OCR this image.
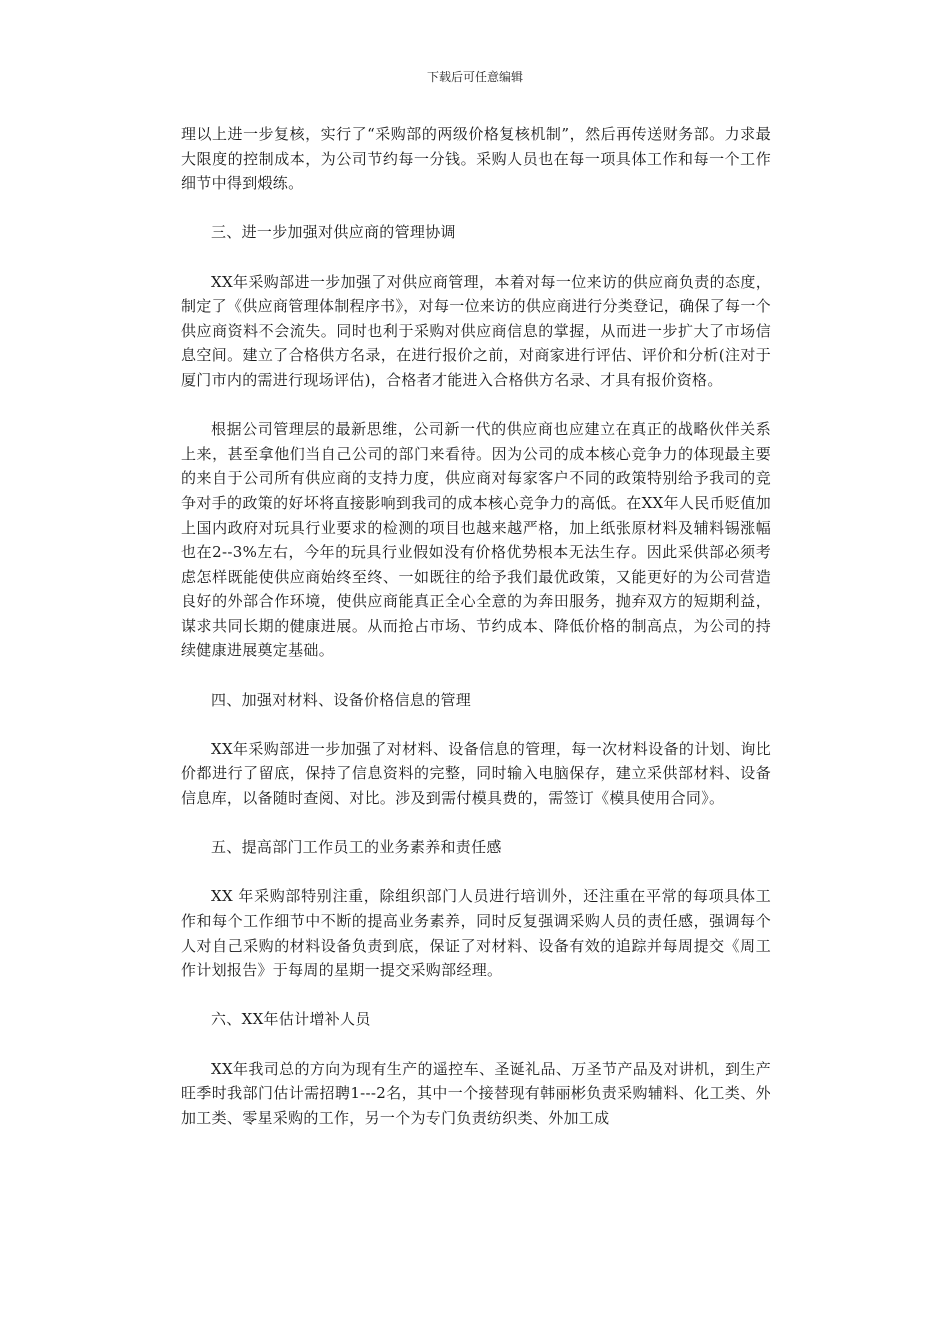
下载后可任意编辑

理以上进一步复核，实行了“采购部的两级价格复核机制”，然后再传送财务部。力求最大限度的控制成本，为公司节约每一分钱。采购人员也在每一项具体工作和每一个工作细节中得到煅练。

三、进一步加强对供应商的管理协调

XX年采购部进一步加强了对供应商管理，本着对每一位来访的供应商负责的态度，制定了《供应商管理体制程序书》，对每一位来访的供应商进行分类登记，确保了每一个供应商资料不会流失。同时也利于采购对供应商信息的掌握，从而进一步扩大了市场信息空间。建立了合格供方名录，在进行报价之前，对商家进行评估、评价和分析(注对于厦门市内的需进行现场评估)，合格者才能进入合格供方名录、才具有报价资格。

根据公司管理层的最新思维，公司新一代的供应商也应建立在真正的战略伙伴关系上来，甚至拿他们当自己公司的部门来看待。因为公司的成本核心竞争力的体现最主要的来自于公司所有供应商的支持力度，供应商对每家客户不同的政策特别给予我司的竞争对手的政策的好坏将直接影响到我司的成本核心竞争力的高低。在XX年人民币贬值加上国内政府对玩具行业要求的检测的项目也越来越严格，加上纸张原材料及辅料锡涨幅也在2--3%左右，今年的玩具行业假如没有价格优势根本无法生存。因此采供部必须考虑怎样既能使供应商始终至终、一如既往的给予我们最优政策，又能更好的为公司营造良好的外部合作环境，使供应商能真正全心全意的为奔田服务，抛弃双方的短期利益，谋求共同长期的健康进展。从而抢占市场、节约成本、降低价格的制高点，为公司的持续健康进展奠定基础。

四、加强对材料、设备价格信息的管理

XX年采购部进一步加强了对材料、设备信息的管理，每一次材料设备的计划、询比价都进行了留底，保持了信息资料的完整，同时输入电脑保存，建立采供部材料、设备信息库，以备随时查阅、对比。涉及到需付模具费的，需签订《模具使用合同》。

五、提高部门工作员工的业务素养和责任感

XX 年采购部特别注重，除组织部门人员进行培训外，还注重在平常的每项具体工作和每个工作细节中不断的提高业务素养，同时反复强调采购人员的责任感，强调每个人对自己采购的材料设备负责到底，保证了对材料、设备有效的追踪并每周提交《周工作计划报告》于每周的星期一提交采购部经理。

六、XX年估计增补人员

XX年我司总的方向为现有生产的遥控车、圣诞礼品、万圣节产品及对讲机，到生产旺季时我部门估计需招聘1---2名，其中一个接替现有韩丽彬负责采购辅料、化工类、外加工类、零星采购的工作，另一个为专门负责纺织类、外加工成
